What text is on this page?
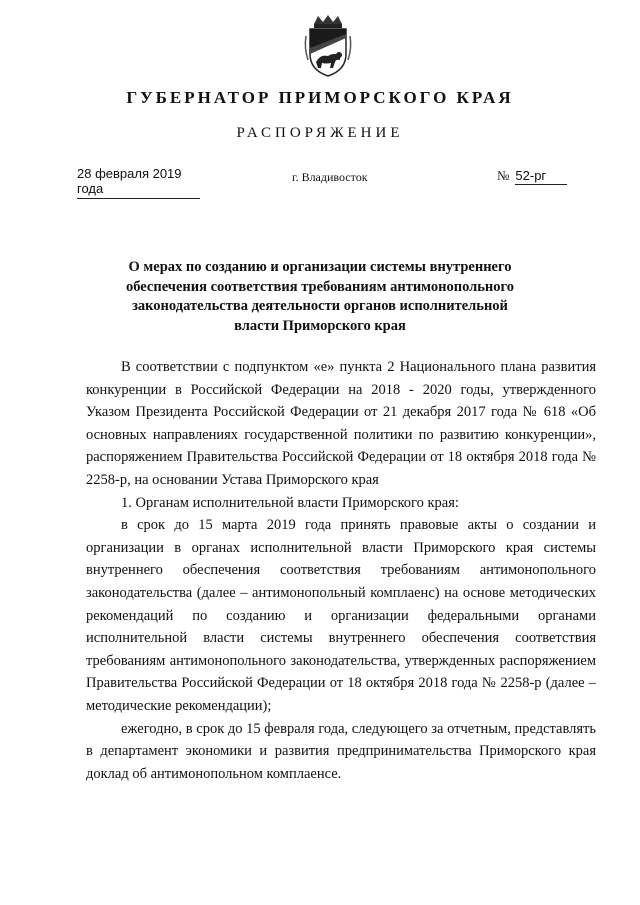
ГУБЕРНАТОР ПРИМОРСКОГО КРАЯ
РАСПОРЯЖЕНИЕ
28 февраля 2019 года
г. Владивосток	№ 52-рг
О мерах по созданию и организации системы внутреннего обеспечения соответствия требованиям антимонопольного законодательства деятельности органов исполнительной власти Приморского края

В соответствии с подпунктом «е» пункта 2 Национального плана развития конкуренции в Российской Федерации на 2018 - 2020 годы, утвержденного Указом Президента Российской Федерации от 21 декабря 2017 года № 618 «Об основных направлениях государственной политики по развитию конкуренции», распоряжением Правительства Российской Федерации от 18 октября 2018 года № 2258-р, на основании Устава Приморского края

1. Органам исполнительной власти Приморского края:

в срок до 15 марта 2019 года принять правовые акты о создании и организации в органах исполнительной власти Приморского края системы внутреннего обеспечения соответствия требованиям антимонопольного законодательства (далее – антимонопольный комплаенс) на основе методических рекомендаций по созданию и организации федеральными органами исполнительной власти системы внутреннего обеспечения соответствия требованиям антимонопольного законодательства, утвержденных распоряжением Правительства Российской Федерации от 18 октября 2018 года № 2258-р (далее – методические рекомендации);

ежегодно, в срок до 15 февраля года, следующего за отчетным, представлять в департамент экономики и развития предпринимательства Приморского края доклад об антимонопольном комплаенсе.
